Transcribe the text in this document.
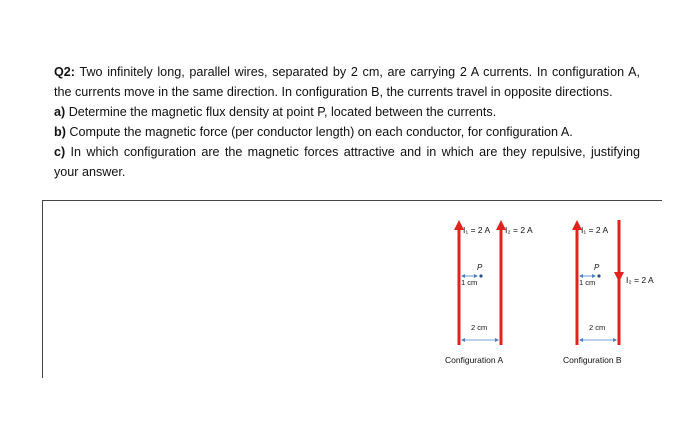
Q2: Two infinitely long, parallel wires, separated by 2 cm, are carrying 2 A currents. In configuration A, the currents move in the same direction. In configuration B, the currents travel in opposite directions.

a) Determine the magnetic flux density at point P, located between the currents.

b) Compute the magnetic force (per conductor length) on each conductor, for configuration A.

c) In which configuration are the magnetic forces attractive and in which are they repulsive, justifying your answer.

I₁ = 2 A I₂ = 2 A
P
1 cm
2 cm
Configuration A
I₁ = 2 A
I₂ = 2 A
P
1 cm
2 cm
Configuration B
